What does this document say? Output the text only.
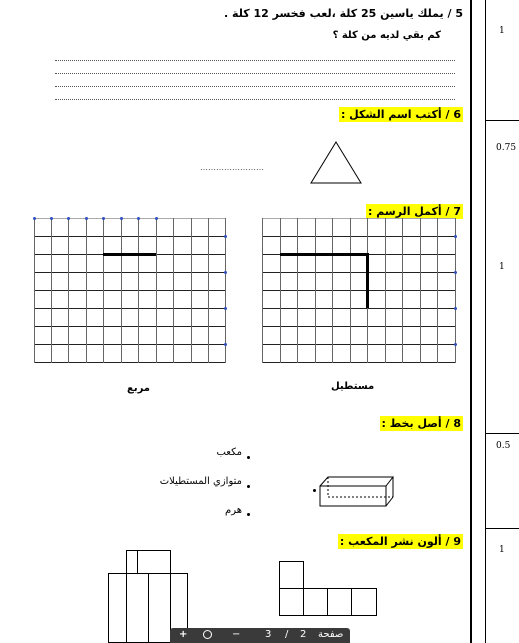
1
0.75
1
0.5
1
5 / يملك ياسين 25 كلة ،لعب فخسر 12 كلة .
كم بقي لديه من كلة ؟
6 / أكتب اسم الشكل :
……………………
7 / أكمل الرسم :
مربع	مستطيل
8 / أصل بخط :
مكعب
متوازي المستطيلات
هرم
9 / ألون نشر المكعب :
+	− 3 / 2 صفحة
